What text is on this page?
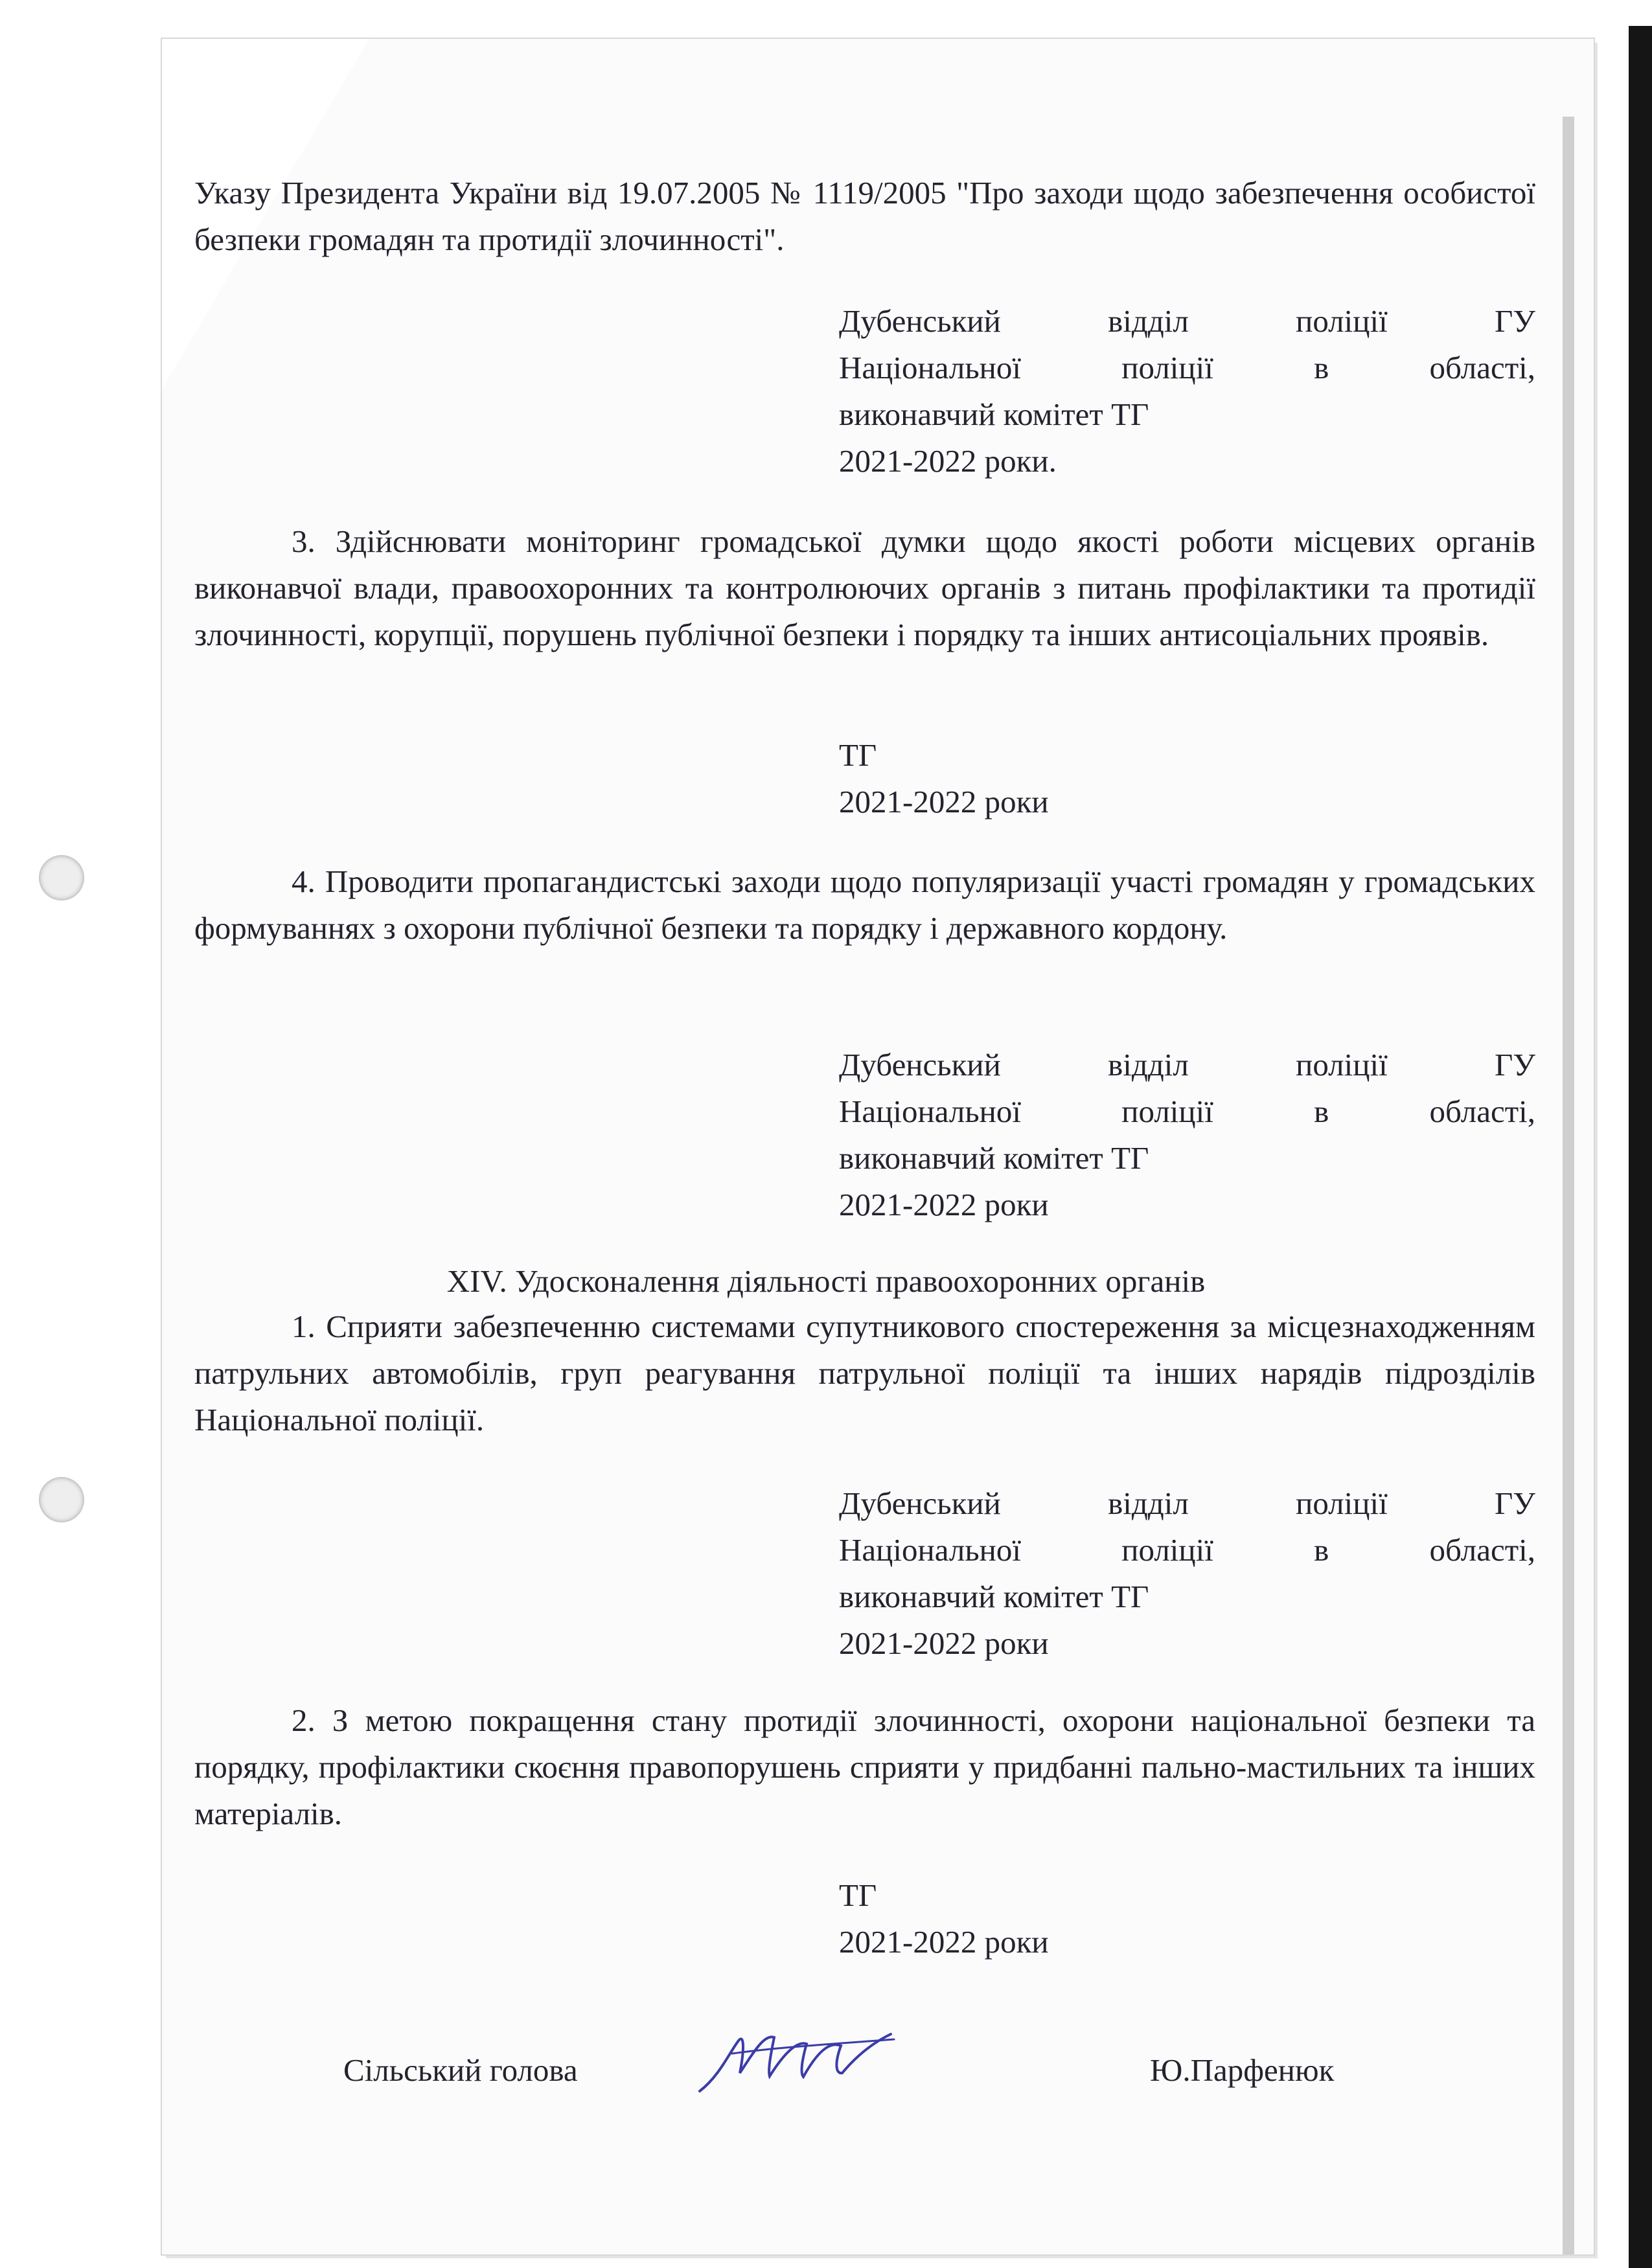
Указу Президента України від 19.07.2005 № 1119/2005 "Про заходи щодо забезпечення особистої безпеки громадян та протидії злочинності".
Дубенський відділ поліції ГУ
Національної поліції в області,
виконавчий комітет ТГ
2021-2022 роки.
3. Здійснювати моніторинг громадської думки щодо якості роботи місцевих органів виконавчої влади, правоохоронних та контролюючих органів з питань профілактики та протидії злочинності, корупції, порушень публічної безпеки і порядку та інших антисоціальних проявів.
ТГ
2021-2022 роки
4. Проводити пропагандистські заходи щодо популяризації участі громадян у громадських формуваннях з охорони публічної безпеки та порядку і державного кордону.
Дубенський відділ поліції ГУ
Національної поліції в області,
виконавчий комітет ТГ
2021-2022 роки
XIV. Удосконалення діяльності правоохоронних органів
1. Сприяти забезпеченню системами супутникового спостереження за місцезнаходженням патрульних автомобілів, груп реагування патрульної поліції та інших нарядів підрозділів Національної поліції.
Дубенський відділ поліції ГУ
Національної поліції в області,
виконавчий комітет ТГ
2021-2022 роки
2. З метою покращення стану протидії злочинності, охорони національної безпеки та порядку, профілактики скоєння правопорушень сприяти у придбанні пально-мастильних та інших матеріалів.
ТГ
2021-2022 роки
Сільський голова	Ю.Парфенюк
